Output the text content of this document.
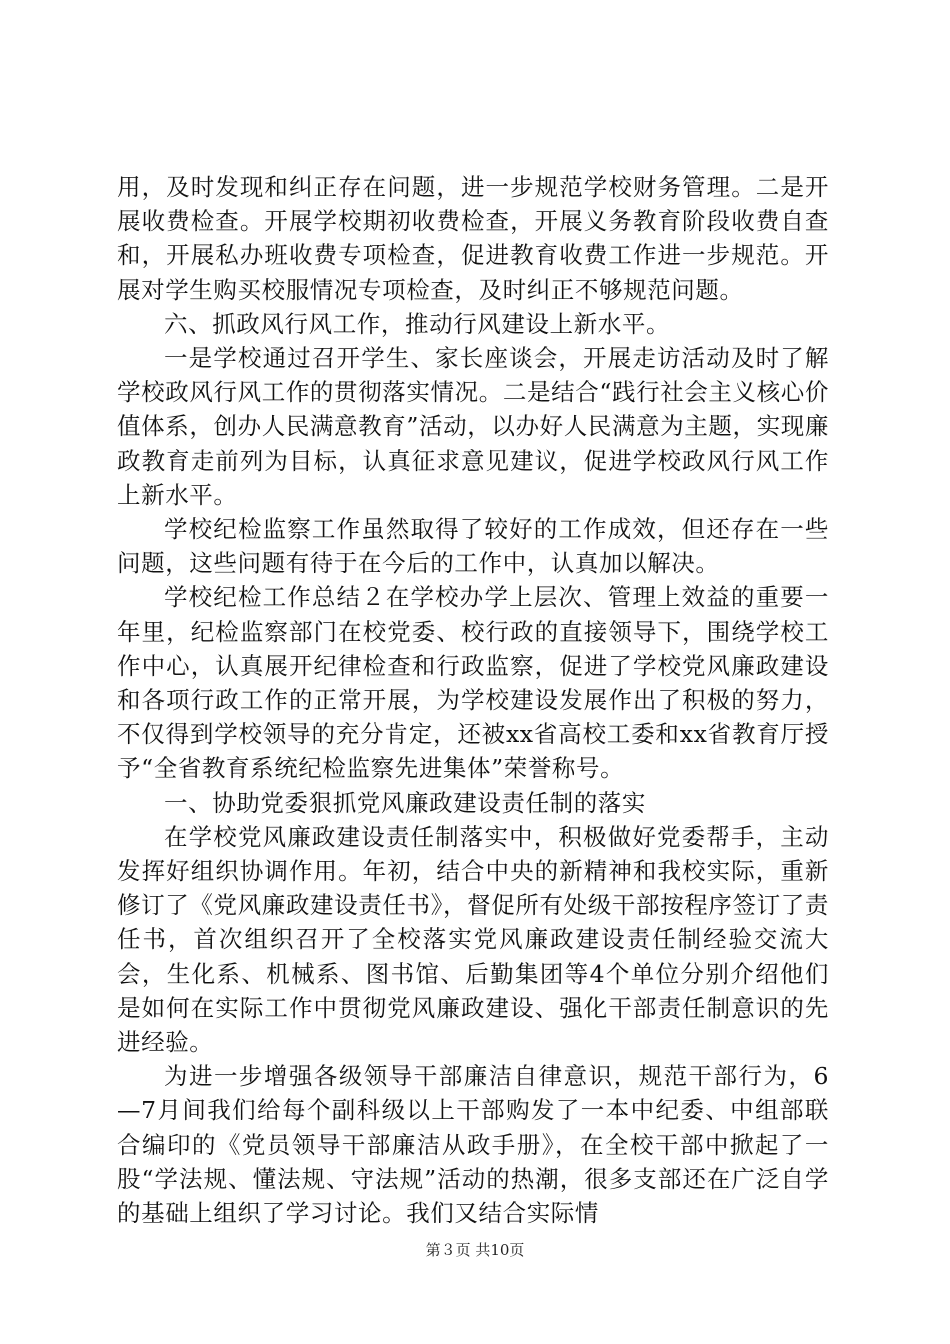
用，及时发现和纠正存在问题，进一步规范学校财务管理。二是开展收费检查。开展学校期初收费检查，开展义务教育阶段收费自查和，开展私办班收费专项检查，促进教育收费工作进一步规范。开展对学生购买校服情况专项检查，及时纠正不够规范问题。

六、抓政风行风工作，推动行风建设上新水平。

一是学校通过召开学生、家长座谈会，开展走访活动及时了解学校政风行风工作的贯彻落实情况。二是结合“践行社会主义核心价值体系，创办人民满意教育”活动，以办好人民满意为主题，实现廉政教育走前列为目标，认真征求意见建议，促进学校政风行风工作上新水平。

学校纪检监察工作虽然取得了较好的工作成效，但还存在一些问题，这些问题有待于在今后的工作中，认真加以解决。

学校纪检工作总结２在学校办学上层次、管理上效益的重要一年里，纪检监察部门在校党委、校行政的直接领导下，围绕学校工作中心，认真展开纪律检查和行政监察，促进了学校党风廉政建设和各项行政工作的正常开展，为学校建设发展作出了积极的努力，不仅得到学校领导的充分肯定，还被xx省高校工委和xx省教育厅授予“全省教育系统纪检监察先进集体”荣誉称号。

一、协助党委狠抓党风廉政建设责任制的落实

在学校党风廉政建设责任制落实中，积极做好党委帮手，主动发挥好组织协调作用。年初，结合中央的新精神和我校实际，重新修订了《党风廉政建设责任书》，督促所有处级干部按程序签订了责任书，首次组织召开了全校落实党风廉政建设责任制经验交流大会，生化系、机械系、图书馆、后勤集团等4个单位分别介绍他们是如何在实际工作中贯彻党风廉政建设、强化干部责任制意识的先进经验。

为进一步增强各级领导干部廉洁自律意识，规范干部行为，6—7月间我们给每个副科级以上干部购发了一本中纪委、中组部联合编印的《党员领导干部廉洁从政手册》，在全校干部中掀起了一股“学法规、懂法规、守法规”活动的热潮，很多支部还在广泛自学的基础上组织了学习讨论。我们又结合实际情

第３页 共10页
